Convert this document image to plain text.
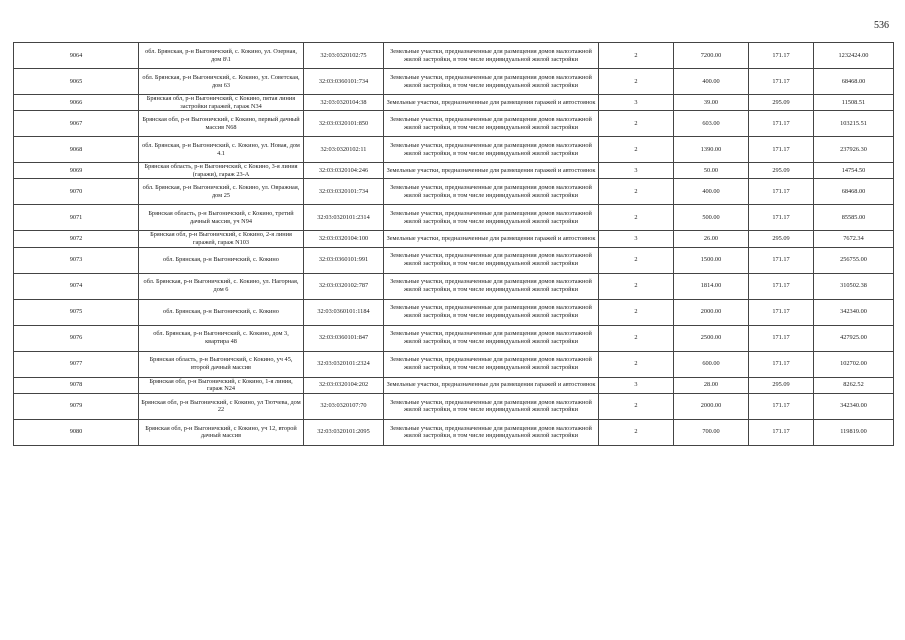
536
9064	обл. Брянская, р-н Выгоничский, с. Кокино, ул. Озерная, дом 8\1	32:03:0320102:75	Земельные участки, предназначенные для размещения домов малоэтажной жилой застройки, в том числе индивидуальной жилой застройки	2	7200.00	171.17	1232424.00
9065	обл. Брянская, р-н Выгоничский, с. Кокино, ул. Советская, дом 63	32:03:0360101:734	Земельные участки, предназначенные для размещения домов малоэтажной жилой застройки, в том числе индивидуальной жилой застройки	2	400.00	171.17	68468.00
9066	Брянская обл, р-н Выгоничский, с Кокино, пятая линия застройки гаражей, гараж N34	32:03:0320104:38	Земельные участки, предназначенные для размещения гаражей и автостоянок	3	39.00	295.09	11508.51
9067	Брянская обл, р-н Выгоничский, с Кокино, первый дачный массив N68	32:03:0320101:850	Земельные участки, предназначенные для размещения домов малоэтажной жилой застройки, в том числе индивидуальной жилой застройки	2	603.00	171.17	103215.51
9068	обл. Брянская, р-н Выгоничский, с. Кокино, ул. Новая, дом 4.1	32:03:0320102:11	Земельные участки, предназначенные для размещения домов малоэтажной жилой застройки, в том числе индивидуальной жилой застройки	2	1390.00	171.17	237926.30
9069	Брянская область, р-н Выгоничский, с Кокино, 3-я линия (гаражи), гараж 23-А	32:03:0320104:246	Земельные участки, предназначенные для размещения гаражей и автостоянок	3	50.00	295.09	14754.50
9070	обл. Брянская, р-н Выгоничский, с. Кокино, ул. Овражная, дом 25	32:03:0320101:734	Земельные участки, предназначенные для размещения домов малоэтажной жилой застройки, в том числе индивидуальной жилой застройки	2	400.00	171.17	68468.00
9071	Брянская область, р-н Выгоничский, с Кокино, третий дачный массив, уч N94	32:03:0320101:2314	Земельные участки, предназначенные для размещения домов малоэтажной жилой застройки, в том числе индивидуальной жилой застройки	2	500.00	171.17	85585.00
9072	Брянская обл, р-н Выгоничский, с Кокино, 2-я линия гаражей, гараж N103	32:03:0320104:100	Земельные участки, предназначенные для размещения гаражей и автостоянок	3	26.00	295.09	7672.34
9073	обл. Брянская, р-н Выгоничский, с. Кокино	32:03:0360101:991	Земельные участки, предназначенные для размещения домов малоэтажной жилой застройки, в том числе индивидуальной жилой застройки	2	1500.00	171.17	256755.00
9074	обл. Брянская, р-н Выгоничский, с. Кокино, ул. Нагорная, дом 6	32:03:0320102:787	Земельные участки, предназначенные для размещения домов малоэтажной жилой застройки, в том числе индивидуальной жилой застройки	2	1814.00	171.17	310502.38
9075	обл. Брянская, р-н Выгоничский, с. Кокино	32:03:0360101:1184	Земельные участки, предназначенные для размещения домов малоэтажной жилой застройки, в том числе индивидуальной жилой застройки	2	2000.00	171.17	342340.00
9076	обл. Брянская, р-н Выгоничский, с. Кокино, дом 3, квартира 48	32:03:0360101:847	Земельные участки, предназначенные для размещения домов малоэтажной жилой застройки, в том числе индивидуальной жилой застройки	2	2500.00	171.17	427925.00
9077	Брянская область, р-н Выгоничский, с Кокино, уч 45, второй дачный массив	32:03:0320101:2324	Земельные участки, предназначенные для размещения домов малоэтажной жилой застройки, в том числе индивидуальной жилой застройки	2	600.00	171.17	102702.00
9078	Брянская обл, р-н Выгоничский, с Кокино, 1-я линия, гараж N24	32:03:0320104:202	Земельные участки, предназначенные для размещения гаражей и автостоянок	3	28.00	295.09	8262.52
9079	Брянская обл, р-н Выгоничский, с Кокино, ул Тютчева, дом 22	32:03:0320107:70	Земельные участки, предназначенные для размещения домов малоэтажной жилой застройки, в том числе индивидуальной жилой застройки	2	2000.00	171.17	342340.00
9080	Брянская обл, р-н Выгоничский, с Кокино, уч 12, второй дачный массив	32:03:0320101:2095	Земельные участки, предназначенные для размещения домов малоэтажной жилой застройки, в том числе индивидуальной жилой застройки	2	700.00	171.17	119819.00
